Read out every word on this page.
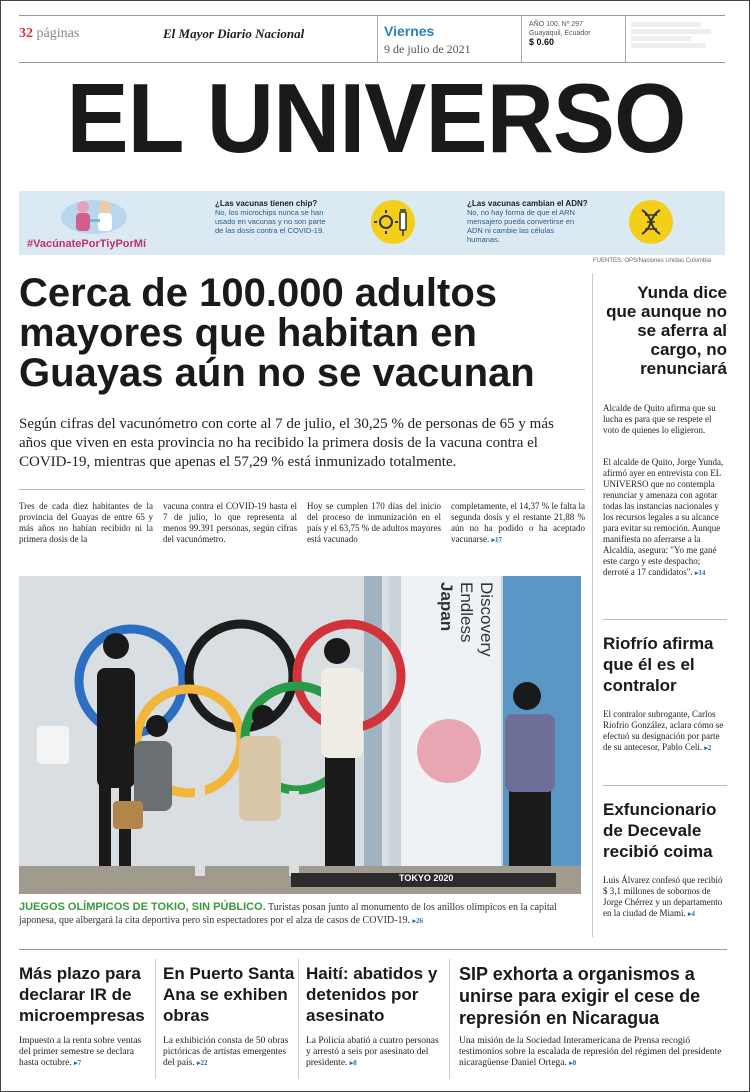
32 páginas	El Mayor Diario Nacional	Viernes
9 de julio de 2021
AÑO 100, Nº 297
Guayaquil, Ecuador
$ 0.60
EL UNIVERSO
#VacúnatePorTiyPorMí
¿Las vacunas tienen chip?
No, los microchips nunca se han usado en vacunas y no son parte de las dosis contra el COVID-19.
¿Las vacunas cambian el ADN?
No, no hay forma de que el ARN mensajero pueda convertirse en ADN ni cambie las células humanas.
FUENTES: OPS/Naciones Unidas Colombia
Cerca de 100.000 adultos mayores que habitan en Guayas aún no se vacunan
Según cifras del vacunómetro con corte al 7 de julio, el 30,25 % de personas de 65 y más años que viven en esta provincia no ha recibido la primera dosis de la vacuna contra el COVID-19, mientras que apenas el 57,29 % está inmunizado totalmente.
Tres de cada diez habitantes de la provincia del Guayas de entre 65 y más años no habían recibido ni la primera dosis de la
vacuna contra el COVID-19 hasta el 7 de julio, lo que representa al menos 99.391 personas, según cifras del vacunómetro.
Hoy se cumplen 170 días del inicio del proceso de inmunización en el país y el 63,75 % de adultos mayores está vacunado
completamente, el 14,37 % le falta la segunda dosis y el restante 21,88 % aún no ha podido o ha aceptado vacunarse. ▸17
Japan Endless Discovery
TOKYO 2020
JUEGOS OLÍMPICOS DE TOKIO, SIN PÚBLICO. Turistas posan junto al monumento de los anillos olímpicos en la capital japonesa, que albergará la cita deportiva pero sin espectadores por el alza de casos de COVID-19. ▸26
Yunda dice que aunque no se aferra al cargo, no renunciará
Alcalde de Quito afirma que su lucha es para que se respete el voto de quienes lo eligieron.
El alcalde de Quito, Jorge Yunda, afirmó ayer en entrevista con EL UNIVERSO que no contempla renunciar y amenaza con agotar todas las instancias nacionales y los recursos legales a su alcance para evitar su remoción. Aunque manifiesta no aferrarse a la Alcaldía, asegura: "Yo me gané este cargo y este despacho; derroté a 17 candidatos". ▸14
Riofrío afirma que él es el contralor
El contralor subrogante, Carlos Riofrío González, aclara cómo se efectuó su designación por parte de su antecesor, Pablo Celi. ▸2
Exfuncionario de Decevale recibió coima
Luis Álvarez confesó que recibió $ 3,1 millones de sobornos de Jorge Chérrez y un departamento en la ciudad de Miami. ▸4
Más plazo para declarar IR de microempresas
Impuesto a la renta sobre ventas del primer semestre se declara hasta octubre. ▸7
En Puerto Santa Ana se exhiben obras
La exhibición consta de 50 obras pictóricas de artistas emergentes del país. ▸22
Haití: abatidos y detenidos por asesinato
La Policía abatió a cuatro personas y arrestó a seis por asesinato del presidente. ▸8
SIP exhorta a organismos a unirse para exigir el cese de represión en Nicaragua
Una misión de la Sociedad Interamericana de Prensa recogió testimonios sobre la escalada de represión del régimen del presidente nicaragüense Daniel Ortega. ▸8
